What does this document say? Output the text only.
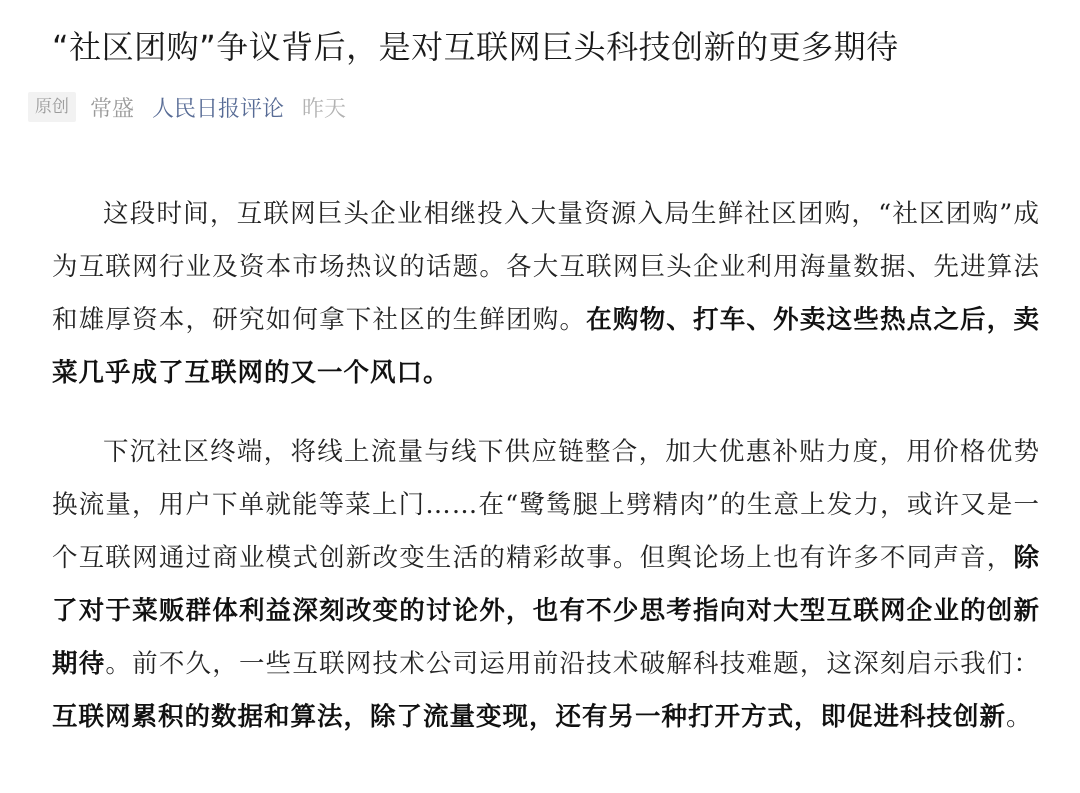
“社区团购”争议背后，是对互联网巨头科技创新的更多期待
原创 常盛 人民日报评论 昨天

这段时间，互联网巨头企业相继投入大量资源入局生鲜社区团购，“社区团购”成为互联网行业及资本市场热议的话题。各大互联网巨头企业利用海量数据、先进算法和雄厚资本，研究如何拿下社区的生鲜团购。在购物、打车、外卖这些热点之后，卖菜几乎成了互联网的又一个风口。

下沉社区终端，将线上流量与线下供应链整合，加大优惠补贴力度，用价格优势换流量，用户下单就能等菜上门……在“鹭鸶腿上劈精肉”的生意上发力，或许又是一个互联网通过商业模式创新改变生活的精彩故事。但舆论场上也有许多不同声音，除了对于菜贩群体利益深刻改变的讨论外，也有不少思考指向对大型互联网企业的创新期待。前不久，一些互联网技术公司运用前沿技术破解科技难题，这深刻启示我们：互联网累积的数据和算法，除了流量变现，还有另一种打开方式，即促进科技创新。
